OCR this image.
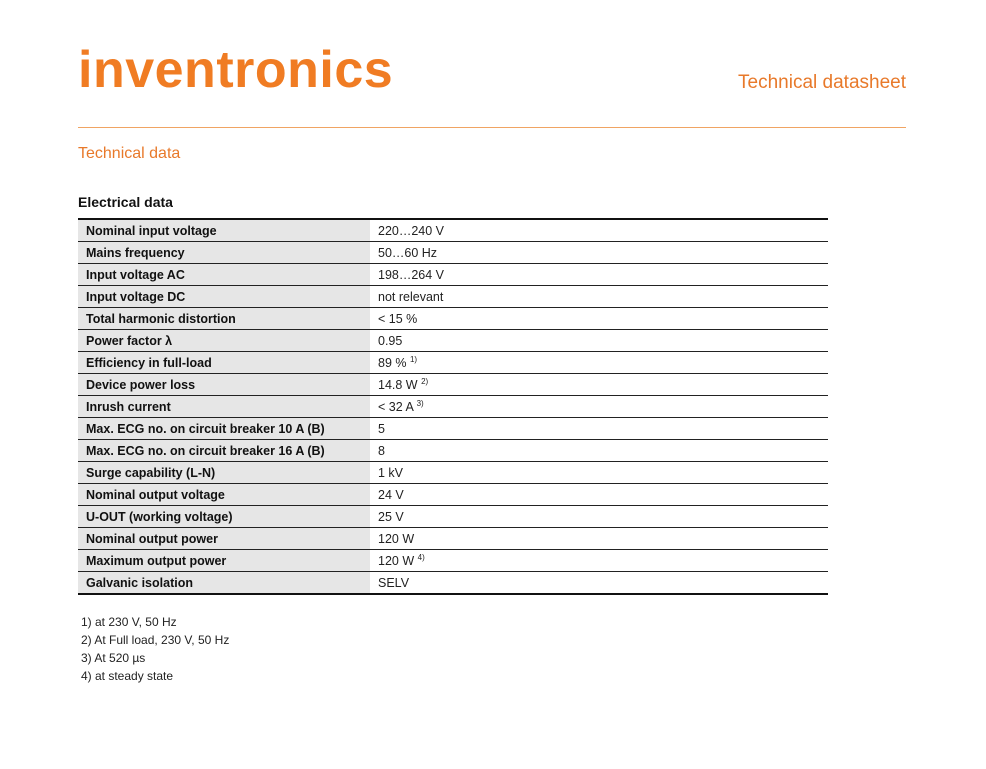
inventronics	Technical datasheet
Technical data
Electrical data
Nominal input voltage	220…240 V
Mains frequency	50…60 Hz
Input voltage AC	198…264 V
Input voltage DC	not relevant
Total harmonic distortion	< 15 %
Power factor λ	0.95
Efficiency in full-load	89 % $^{1)}$
Device power loss	14.8 W $^{2)}$
Inrush current	< 32 A $^{3)}$
Max. ECG no. on circuit breaker 10 A (B)	5
Max. ECG no. on circuit breaker 16 A (B)	8
Surge capability (L-N)	1 kV
Nominal output voltage	24 V
U-OUT (working voltage)	25 V
Nominal output power	120 W
Maximum output power	120 W $^{4)}$
Galvanic isolation	SELV
1) at 230 V, 50 Hz
2) At Full load, 230 V, 50 Hz
3) At 520 µs
4) at steady state
